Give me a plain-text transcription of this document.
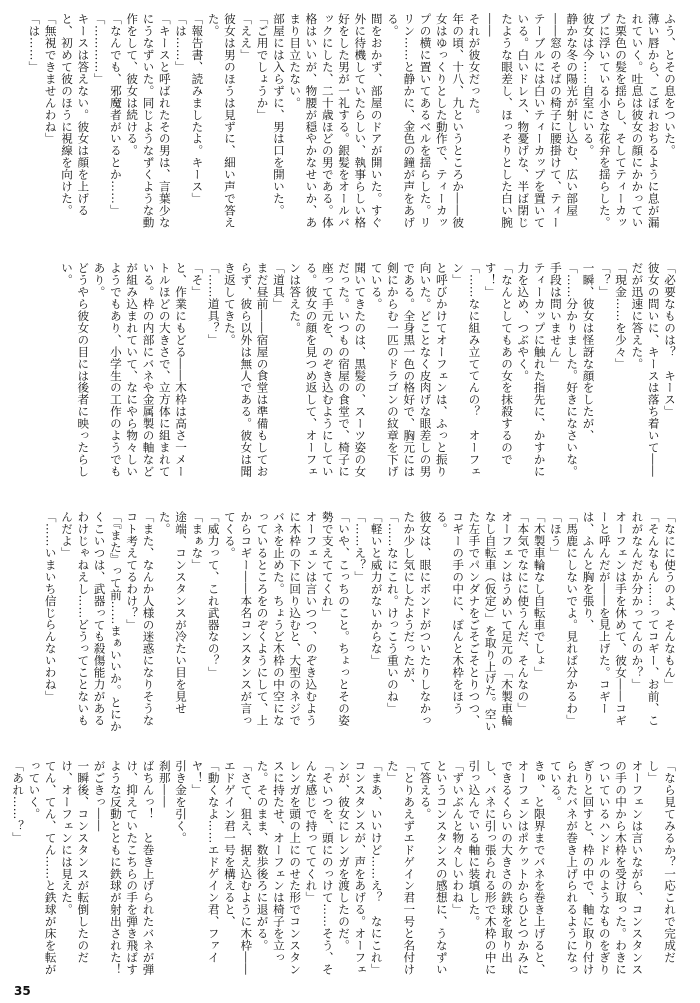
ふう、とその息をついた。
薄い唇から、こぼれおちるように息が漏れていく。吐息は彼女の顔にかかっていた栗色の髪を揺らし、そしてティーカップに浮いている小さな花弁を揺らした。
彼女は今……自室にいる。
静かな冬の陽光が射し込む、広い部屋――窓のそばの椅子に腰掛けて、ティーテーブルには白いティーカップを置いている。白いドレス、物憂げな、半ば閉じたような眼差し、ほっそりとした白い腕――
それが彼女だった。
年の頃、十八、九というところか――彼女はゆっくりとした動作で、ティーカップの横に置いてあるベルを揺らした。リリン……と静かに、金色の鐘が声をあげる。
間をおかず、部屋のドアが開いた。すぐ外に待機していたらしい、執事らしい格好をした男が一礼する。銀髪をオールバックにした、二十歳ほどの男である。体格はいいが、物腰が穏やかなせいか、あまり目立たない。
部屋には入らずに、男は口を開いた。
「ご用でしょうか」
「ええ」
彼女は男のほうは見ずに、細い声で答えた。
「報告書、読みましたよ。キース」
「は……」
「キースと呼ばれたその男は、言葉少なにうなずいた。同じようなずくような動作をして、彼女は続ける。
「なんでも、邪魔者がいるとか……」
「…………」
キースは答えない。彼女は顔を上げると、初めて彼のほうに視線を向けた。
「無視できませんわね」
「は……」
「必要なものは？　キース」
彼女の問いに、キースは落ち着いて――だが迅速に答えた。
「現金……を少々」
「？」
一瞬、彼女は怪訝な顔をしたが、
「……分かりました。好きになさいな。手段は問いません」
ティーカップに触れた指先に、かすかに力を込め、つぶやく。
「なんとしてもあの女を抹殺するのです！」
「……なに組み立ててんの？　オーフェン」
と呼びかけてオーフェンは、ふっと振り向いた。どことなく皮肉げな眼差しの男である。全身黒一色の格好で、胸元には剣にからむ一匹のドラゴンの紋章を下げている。
聞いてきたのは、黒髪の、スーツ姿の女だった。いつもの宿屋の食堂で、椅子に座って手元を、のぞき込むようにしている。彼女の顔を見つめ返して、オーフェンは答えた。
「道具」
まだ昼前――宿屋の食堂は準備もしておらず、彼ら以外は無人である。彼女は聞き返してきた。
「……道具？」
「そ」
と、作業にもどる――木枠は高さ一メートルほどの大きさで、立方体に組まれている。枠の内部にバネや金属製の軸などが組み込まれていて、なにやら物々しいようでもあり、小学生の工作のようでもあり。
どうやら彼女の目には後者に映ったらしい。
「なにに使うのよ、そんなもん」
「そんなもん……ってコギー、お前、これがなんだか分かってんのか？」
オーフェンは手を休めて、彼女――コギーと呼んだが――を見上げた。コギーは、ふんと胸を張り、
「馬鹿にしないでよ。見れば分かるわ」
「ほう」
「木製車輪なし自転車でしょ」
「本気でなにに使うんだ、そんなの」
オーフェンはうめいて足元の「木製車輪なし自転車（仮定）」を取り上げた。空いた左手でパンダナをごそごそとりつつ、コギーの手の中に、ぽんと木枠をほうる。
彼女は、眼にボンドがついたりしなかったか少し気にしたようだったが、
「……なにこれ。けっこう重いのね」
「軽いと威力がないからな」
「……え？」
「いや、こっちのこと。ちょっとその姿勢で支えててくれ」
オーフェンは言いつつ、のぞき込むように木枠の下に回り込むと、大型のネジでバネを止めた。ちょうど木枠の中空になっているところをのぞくようにして、上からコギー――本名コンスタンスが言ってくる。
「威力って、これ武器なの？」
「まぁな」
途端、コンスタンスが冷たい目を見せた。
「また、なんか人様の迷惑になりそうなコト考えてるわけ？」
「『また』って前……まぁいいか。とにかくこいつは、武器っても殺傷能力があるわけじゃねえし……どうってことないもんだよ」
「……いまいち信じらんないわね」
「なら見てみるか？一応これで完成だし」
オーフェンは言いながら、コンスタンスの手の中から木枠を受け取った。わきについているハンドルのようなものをぎりぎりと回すと、枠の中で、軸に取り付けられたバネが巻き上げられるようになっている。
きゅ、と限界までバネを巻き上げると、オーフェンはポケットからひとつかみにできるくらいの大きさの鉄球を取り出し、バネに引っ張られる形で木枠の中に引っ込んでいる軸に装填した。
「ずいぶんと物々しいわね」
というコンスタンスの感想に、うなずいて答える。
「とりあえずエドゲイン君一号と名付けた」
「まあ、いいけど……え？　なにこれ」
コンスタンスが、声をあげる。オーフェンが、彼女にレンガを渡したのだ。
「そいつを、頭にのっけて……そう、そんな感じで持っててくれ」
レンガを頭の上にのせた形でコンスタンスに持たせ、オーフェンは椅子を立った。そのまま、数歩後ろに退がる。
「さて、狙え、据え込むように木枠――エドゲイン君一号を構えると、
「動くなよ……エドゲイン君、ファイヤ！」
引き金を引く。
刹那――
ばちんっ！　と巻き上げられたバネが弾け、抑えていたこちらの手を弾き飛ばすような反動とともに鉄球が射出された！
がごきっ――
一瞬後、コンスタンスが転倒したのだけ、オーフェンには見えた。
てん、てん、てん……と鉄球が床を転がっていく。
「あれ……？」
35
